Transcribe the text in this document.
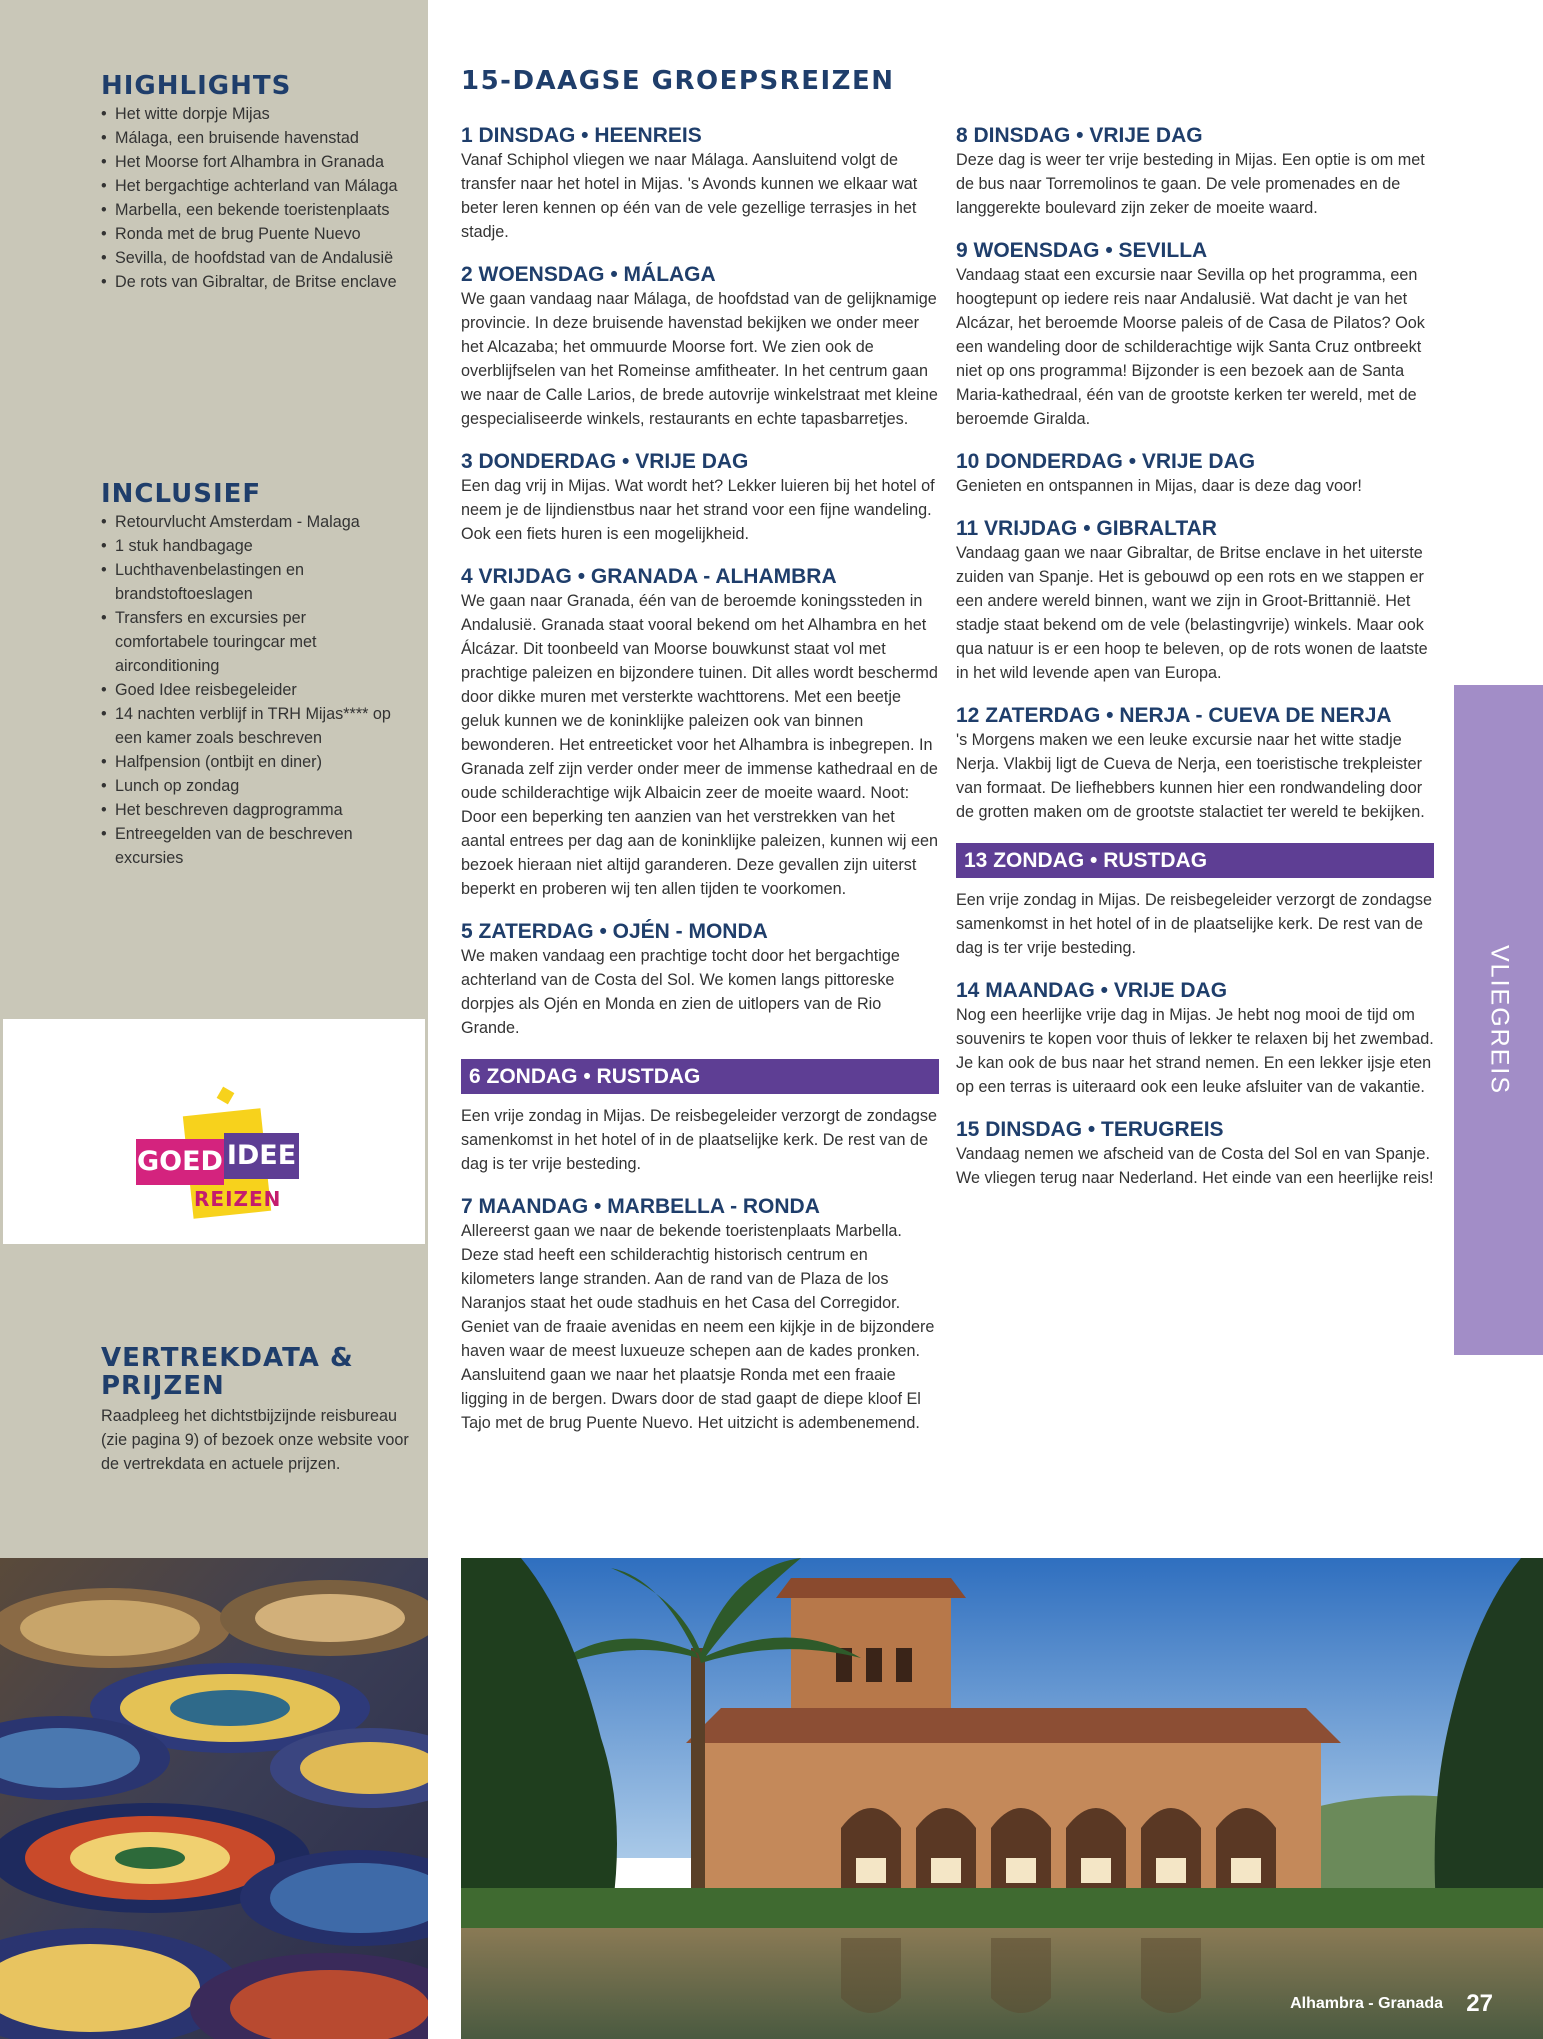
HIGHLIGHTS
• Het witte dorpje Mijas
• Málaga, een bruisende havenstad
• Het Moorse fort Alhambra in Granada
• Het bergachtige achterland van Málaga
• Marbella, een bekende toeristenplaats
• Ronda met de brug Puente Nuevo
• Sevilla, de hoofdstad van de Andalusië
• De rots van Gibraltar, de Britse enclave
INCLUSIEF
• Retourvlucht Amsterdam - Malaga
• 1 stuk handbagage
• Luchthavenbelastingen en brandstoftoeslagen
• Transfers en excursies per comfortabele touringcar met airconditioning
• Goed Idee reisbegeleider
• 14 nachten verblijf in TRH Mijas**** op een kamer zoals beschreven
• Halfpension (ontbijt en diner)
• Lunch op zondag
• Het beschreven dagprogramma
• Entreegelden van de beschreven excursies
GOED IDEE
REIZEN
VERTREKDATA & PRIJZEN

Raadpleeg het dichtstbijzijnde reisbureau (zie pagina 9) of bezoek onze website voor de vertrekdata en actuele prijzen.

15-DAAGSE GROEPSREIZEN
1 DINSDAG • HEENREIS

Vanaf Schiphol vliegen we naar Málaga. Aansluitend volgt de transfer naar het hotel in Mijas. 's Avonds kunnen we elkaar wat beter leren kennen op één van de vele gezellige terrasjes in het stadje.

2 WOENSDAG • MÁLAGA

We gaan vandaag naar Málaga, de hoofdstad van de gelijknamige provincie. In deze bruisende havenstad bekijken we onder meer het Alcazaba; het ommuurde Moorse fort. We zien ook de overblijfselen van het Romeinse amfitheater. In het centrum gaan we naar de Calle Larios, de brede autovrije winkelstraat met kleine gespecialiseerde winkels, restaurants en echte tapasbarretjes.

3 DONDERDAG • VRIJE DAG

Een dag vrij in Mijas. Wat wordt het? Lekker luieren bij het hotel of neem je de lijndienstbus naar het strand voor een fijne wandeling. Ook een fiets huren is een mogelijkheid.

4 VRIJDAG • GRANADA - ALHAMBRA

We gaan naar Granada, één van de beroemde koningssteden in Andalusië. Granada staat vooral bekend om het Alhambra en het Álcázar. Dit toonbeeld van Moorse bouwkunst staat vol met prachtige paleizen en bijzondere tuinen. Dit alles wordt beschermd door dikke muren met versterkte wachttorens. Met een beetje geluk kunnen we de koninklijke paleizen ook van binnen bewonderen. Het entreeticket voor het Alhambra is inbegrepen. In Granada zelf zijn verder onder meer de immense kathedraal en de oude schilderachtige wijk Albaicin zeer de moeite waard. Noot: Door een beperking ten aanzien van het verstrekken van het aantal entrees per dag aan de koninklijke paleizen, kunnen wij een bezoek hieraan niet altijd garanderen. Deze gevallen zijn uiterst beperkt en proberen wij ten allen tijden te voorkomen.

5 ZATERDAG • OJÉN - MONDA

We maken vandaag een prachtige tocht door het bergachtige achterland van de Costa del Sol. We komen langs pittoreske dorpjes als Ojén en Monda en zien de uitlopers van de Rio Grande.

6 ZONDAG • RUSTDAG

Een vrije zondag in Mijas. De reisbegeleider verzorgt de zondagse samenkomst in het hotel of in de plaatselijke kerk. De rest van de dag is ter vrije besteding.

7 MAANDAG • MARBELLA - RONDA

Allereerst gaan we naar de bekende toeristenplaats Marbella. Deze stad heeft een schilderachtig historisch centrum en kilometers lange stranden. Aan de rand van de Plaza de los Naranjos staat het oude stadhuis en het Casa del Corregidor. Geniet van de fraaie avenidas en neem een kijkje in de bijzondere haven waar de meest luxueuze schepen aan de kades pronken. Aansluitend gaan we naar het plaatsje Ronda met een fraaie ligging in de bergen. Dwars door de stad gaapt de diepe kloof El Tajo met de brug Puente Nuevo. Het uitzicht is adembenemend.

8 DINSDAG • VRIJE DAG

Deze dag is weer ter vrije besteding in Mijas. Een optie is om met de bus naar Torremolinos te gaan. De vele promenades en de langgerekte boulevard zijn zeker de moeite waard.

9 WOENSDAG • SEVILLA

Vandaag staat een excursie naar Sevilla op het programma, een hoogtepunt op iedere reis naar Andalusië. Wat dacht je van het Alcázar, het beroemde Moorse paleis of de Casa de Pilatos? Ook een wandeling door de schilderachtige wijk Santa Cruz ontbreekt niet op ons programma! Bijzonder is een bezoek aan de Santa Maria-kathedraal, één van de grootste kerken ter wereld, met de beroemde Giralda.

10 DONDERDAG • VRIJE DAG

Genieten en ontspannen in Mijas, daar is deze dag voor!

11 VRIJDAG • GIBRALTAR

Vandaag gaan we naar Gibraltar, de Britse enclave in het uiterste zuiden van Spanje. Het is gebouwd op een rots en we stappen er een andere wereld binnen, want we zijn in Groot-Brittannië. Het stadje staat bekend om de vele (belastingvrije) winkels. Maar ook qua natuur is er een hoop te beleven, op de rots wonen de laatste in het wild levende apen van Europa.

12 ZATERDAG • NERJA - CUEVA DE NERJA

's Morgens maken we een leuke excursie naar het witte stadje Nerja. Vlakbij ligt de Cueva de Nerja, een toeristische trekpleister van formaat. De liefhebbers kunnen hier een rondwandeling door de grotten maken om de grootste stalactiet ter wereld te bekijken.

13 ZONDAG • RUSTDAG

Een vrije zondag in Mijas. De reisbegeleider verzorgt de zondagse samenkomst in het hotel of in de plaatselijke kerk. De rest van de dag is ter vrije besteding.

14 MAANDAG • VRIJE DAG

Nog een heerlijke vrije dag in Mijas. Je hebt nog mooi de tijd om souvenirs te kopen voor thuis of lekker te relaxen bij het zwembad. Je kan ook de bus naar het strand nemen. En een lekker ijsje eten op een terras is uiteraard ook een leuke afsluiter van de vakantie.

15 DINSDAG • TERUGREIS

Vandaag nemen we afscheid van de Costa del Sol en van Spanje. We vliegen terug naar Nederland. Het einde van een heerlijke reis!

VLIEGREIS
Alhambra - Granada 27
